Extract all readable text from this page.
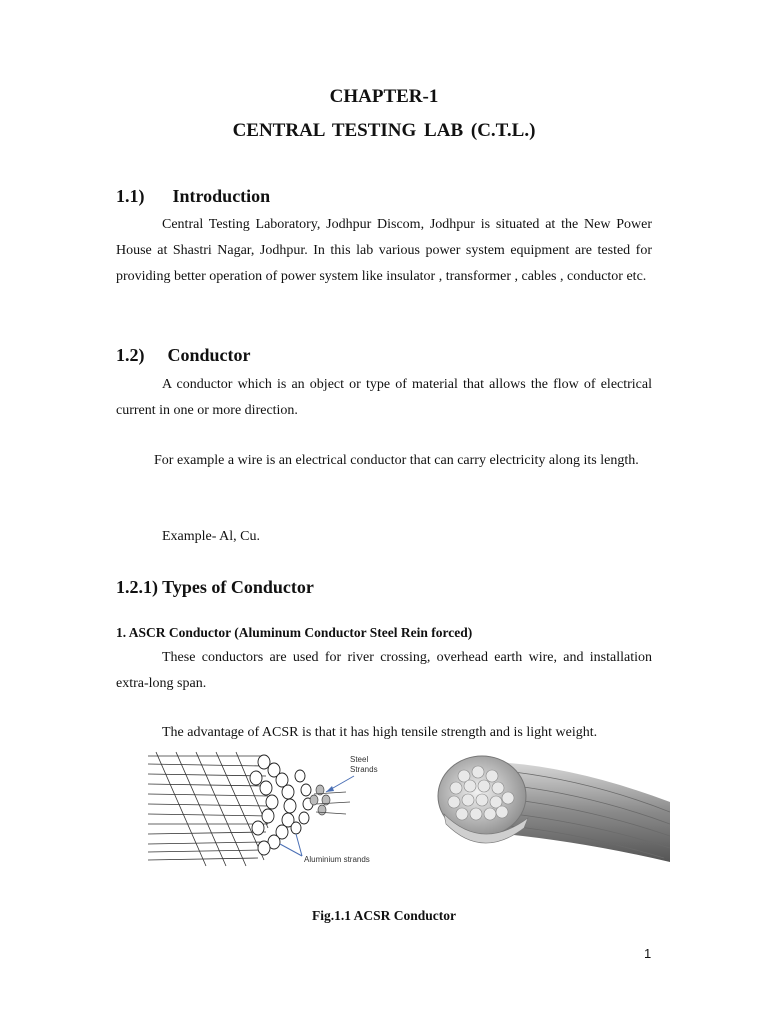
CHAPTER-1
CENTRAL TESTING LAB (C.T.L.)
1.1) Introduction

Central Testing Laboratory, Jodhpur Discom, Jodhpur is situated at the New Power House at Shastri Nagar, Jodhpur. In this lab various power system equipment are tested for providing better operation of power system like insulator , transformer , cables , conductor etc.

1.2) Conductor

A conductor which is an object or type of material that allows the flow of electrical current in one or more direction.

For example a wire is an electrical conductor that can carry electricity along its length.

Example- Al, Cu.
1.2.1) Types of Conductor
1. ASCR Conductor (Aluminum Conductor Steel Rein forced)

These conductors are used for river crossing, overhead earth wire, and installation extra-long span.

The advantage of ACSR is that it has high tensile strength and is light weight.
Steel
Strands
Aluminium strands
Fig.1.1 ACSR Conductor
1
